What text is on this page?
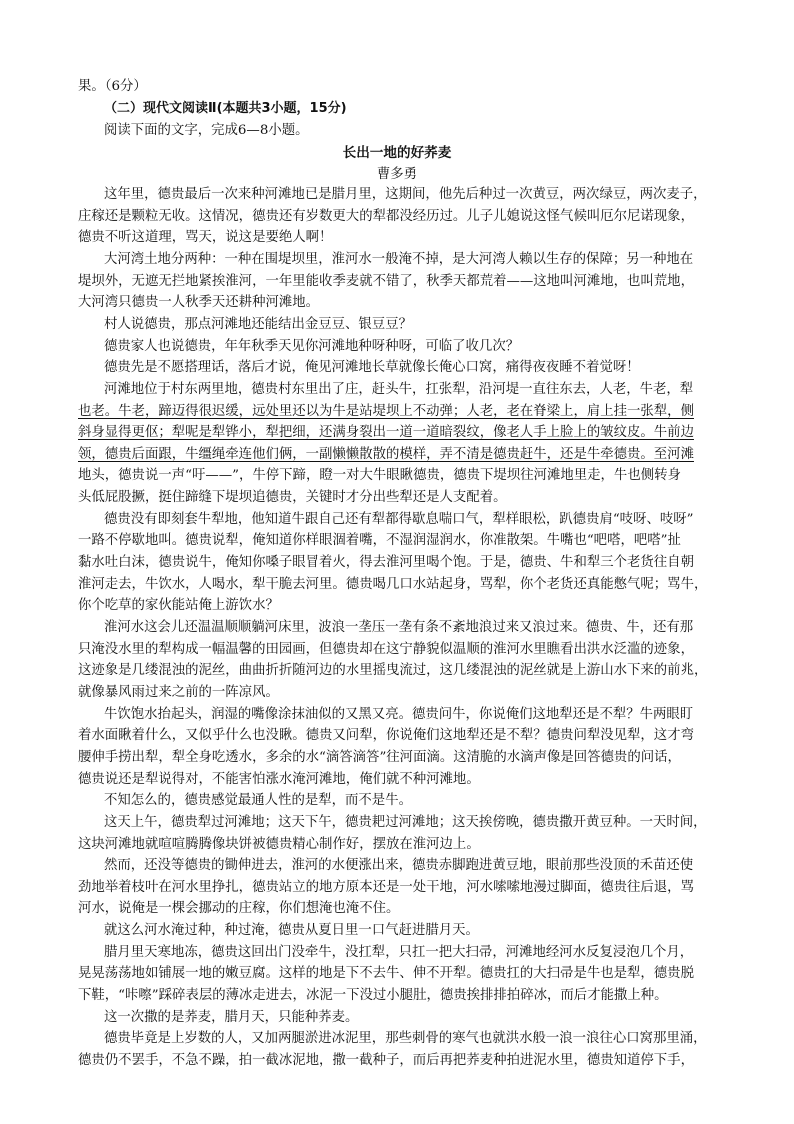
果。（6分）
（二）现代文阅读Ⅱ(本题共3小题，15分)
阅读下面的文字，完成6—8小题。
长出一地的好荞麦
曹多勇
这年里，德贵最后一次来种河滩地已是腊月里，这期间，他先后种过一次黄豆，两次绿豆，两次麦子，
庄稼还是颗粒无收。这情况，德贵还有岁数更大的犁都没经历过。儿子儿媳说这怪气候叫厄尔尼诺现象，
德贵不听这道理，骂天，说这是要绝人啊！
大河湾土地分两种：一种在围堤坝里，淮河水一般淹不掉，是大河湾人赖以生存的保障；另一种地在
堤坝外，无遮无拦地紧挨淮河，一年里能收季麦就不错了，秋季天都荒着——这地叫河滩地，也叫荒地，
大河湾只德贵一人秋季天还耕种河滩地。
村人说德贵，那点河滩地还能结出金豆豆、银豆豆？
德贵家人也说德贵，年年秋季天见你河滩地种呀种呀，可临了收几次？
德贵先是不愿搭理话，落后才说，俺见河滩地长草就像长俺心口窝，痛得夜夜睡不着觉呀！
河滩地位于村东两里地，德贵村东里出了庄，赶头牛，扛张犁，沿河堤一直往东去，人老，牛老，犁
也老。牛老，蹄迈得很迟缓，远处里还以为牛是站堤坝上不动弹；人老，老在脊梁上，肩上挂一张犁，侧
斜身显得更伛；犁呢是犁铧小，犁把细，还满身裂出一道一道暗裂纹，像老人手上脸上的皱纹皮。牛前边
领，德贵后面跟，牛缰绳牵连他们俩，一副懒懒散散的模样，弄不清是德贵赶牛，还是牛牵德贵。至河滩
地头，德贵说一声“吁——”，牛停下蹄，瞪一对大牛眼瞅德贵，德贵下堤坝往河滩地里走，牛也侧转身
头低屁股撅，挺住蹄缝下堤坝追德贵，关键时才分出些犁还是人支配着。
德贵没有即刻套牛犁地，他知道牛跟自己还有犁都得歇息喘口气，犁样眼松，趴德贵肩“吱呀、吱呀”
一路不停歇地叫。德贵说犁，俺知道你样眼涸着嘴，不湿润湿润水，你准散架。牛嘴也“吧嗒，吧嗒”扯
黏水吐白沫，德贵说牛，俺知你嗓子眼冒着火，得去淮河里喝个饱。于是，德贵、牛和犁三个老货往自朝
淮河走去，牛饮水，人喝水，犁干脆去河里。德贵喝几口水站起身，骂犁，你个老货还真能憋气呢；骂牛，
你个吃草的家伙能站俺上游饮水？
淮河水这会儿还温温顺顺躺河床里，波浪一垄压一垄有条不紊地浪过来又浪过来。德贵、牛，还有那
只淹没水里的犁构成一幅温馨的田园画，但德贵却在这宁静貌似温顺的淮河水里瞧看出洪水泛滥的迹象，
这迹象是几缕混浊的泥丝，曲曲折折随河边的水里摇曳流过，这几缕混浊的泥丝就是上游山水下来的前兆，
就像暴风雨过来之前的一阵凉风。
牛饮饱水抬起头，润湿的嘴像涂抹油似的又黑又亮。德贵问牛，你说俺们这地犁还是不犁？牛两眼盯
着水面瞅着什么，又似乎什么也没瞅。德贵又问犁，你说俺们这地犁还是不犁？德贵问犁没见犁，这才弯
腰伸手捞出犁，犁全身吃透水，多余的水“滴答滴答”往河面滴。这清脆的水滴声像是回答德贵的问话，
德贵说还是犁说得对，不能害怕涨水淹河滩地，俺们就不种河滩地。
不知怎么的，德贵感觉最通人性的是犁，而不是牛。
这天上午，德贵犁过河滩地；这天下午，德贵耙过河滩地；这天挨傍晚，德贵撒开黄豆种。一天时间，
这块河滩地就喧喧腾腾像块饼被德贵精心制作好，摆放在淮河边上。
然而，还没等德贵的锄伸进去，淮河的水便涨出来，德贵赤脚跑进黄豆地，眼前那些没顶的禾苗还使
劲地举着枝叶在河水里挣扎，德贵站立的地方原本还是一处干地，河水嗦嗦地漫过脚面，德贵往后退，骂
河水，说俺是一棵会挪动的庄稼，你们想淹也淹不住。
就这么河水淹过种，种过淹，德贵从夏日里一口气赶进腊月天。
腊月里天寒地冻，德贵这回出门没牵牛，没扛犁，只扛一把大扫帚，河滩地经河水反复浸泡几个月，
晃晃荡荡地如铺展一地的嫩豆腐。这样的地是下不去牛、伸不开犁。德贵扛的大扫帚是牛也是犁，德贵脱
下鞋，“咔嚓”踩碎表层的薄冰走进去，冰泥一下没过小腿肚，德贵挨排排拍碎冰，而后才能撒上种。
这一次撒的是荞麦，腊月天，只能种荞麦。
德贵毕竟是上岁数的人，又加两腿淤进冰泥里，那些刺骨的寒气也就洪水般一浪一浪往心口窝那里涌，
德贵仍不罢手，不急不躁，拍一截冰泥地，撒一截种子，而后再把荞麦种拍进泥水里，德贵知道停下手，
